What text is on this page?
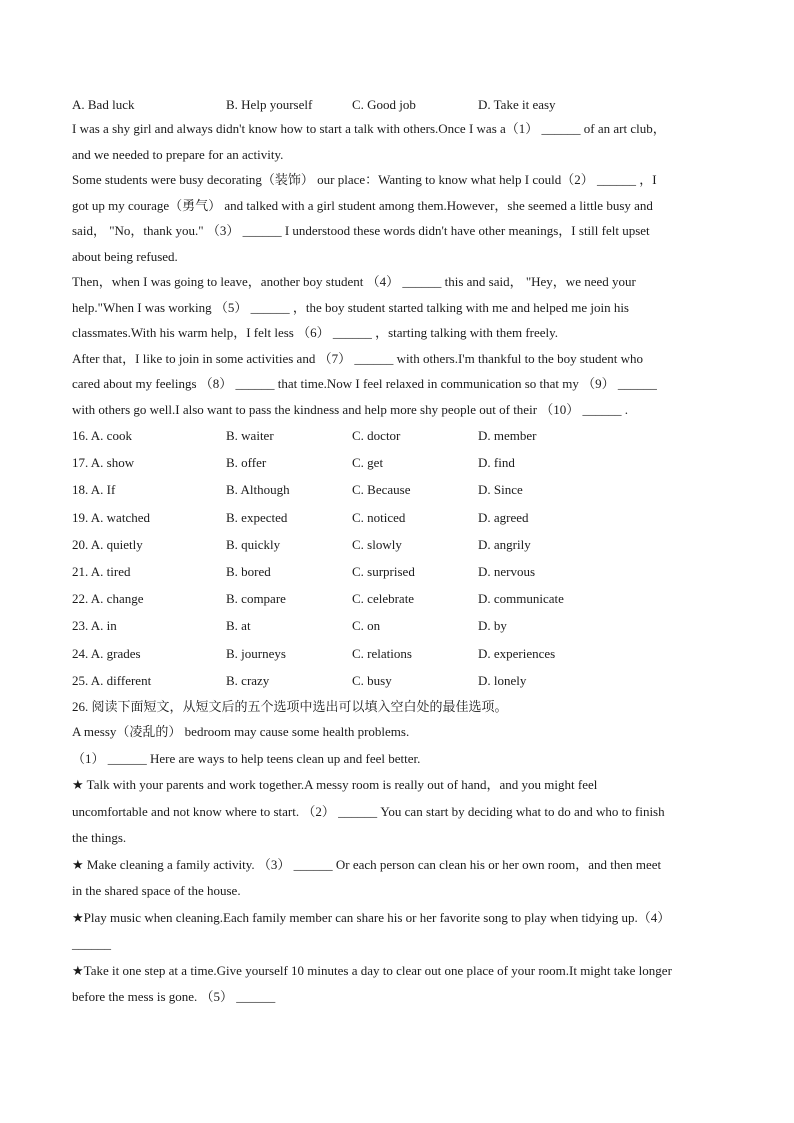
A. Bad luck	B. Help yourself	C. Good job	D. Take it easy
I was a shy girl and always didn't know how to start a talk with others.Once I was a（1） ______ of an art club，
and we needed to prepare for an activity.
Some students were busy decorating（装饰） our place：Wanting to know what help I could（2） ______ ，I
got up my courage（勇气） and talked with a girl student among them.However，she seemed a little busy and
said， "No，thank you." （3） ______ I understood these words didn't have other meanings，I still felt upset
about being refused.
Then，when I was going to leave，another boy student （4） ______ this and said， "Hey，we need your
help."When I was working （5） ______ ，the boy student started talking with me and helped me join his
classmates.With his warm help，I felt less （6） ______ ，starting talking with them freely.
After that，I like to join in some activities and （7） ______ with others.I'm thankful to the boy student who
cared about my feelings （8） ______ that time.Now I feel relaxed in communication so that my （9） ______
with others go well.I also want to pass the kindness and help more shy people out of their （10） ______ .
16. A. cook	B. waiter	C. doctor	D. member
17. A. show	B. offer	C. get	D. find
18. A. If	B. Although	C. Because	D. Since
19. A. watched	B. expected	C. noticed	D. agreed
20. A. quietly	B. quickly	C. slowly	D. angrily
21. A. tired	B. bored	C. surprised	D. nervous
22. A. change	B. compare	C. celebrate	D. communicate
23. A. in	B. at	C. on	D. by
24. A. grades	B. journeys	C. relations	D. experiences
25. A. different	B. crazy	C. busy	D. lonely
26. 阅读下面短文，从短文后的五个选项中选出可以填入空白处的最佳选项。
A messy（凌乱的） bedroom may cause some health problems.
（1） ______ Here are ways to help teens clean up and feel better.
★ Talk with your parents and work together.A messy room is really out of hand，and you might feel
uncomfortable and not know where to start. （2） ______ You can start by deciding what to do and who to finish
the things.
★ Make cleaning a family activity. （3） ______ Or each person can clean his or her own room，and then meet
in the shared space of the house.
★Play music when cleaning.Each family member can share his or her favorite song to play when tidying up.（4）
______
★Take it one step at a time.Give yourself 10 minutes a day to clear out one place of your room.It might take longer
before the mess is gone. （5） ______
